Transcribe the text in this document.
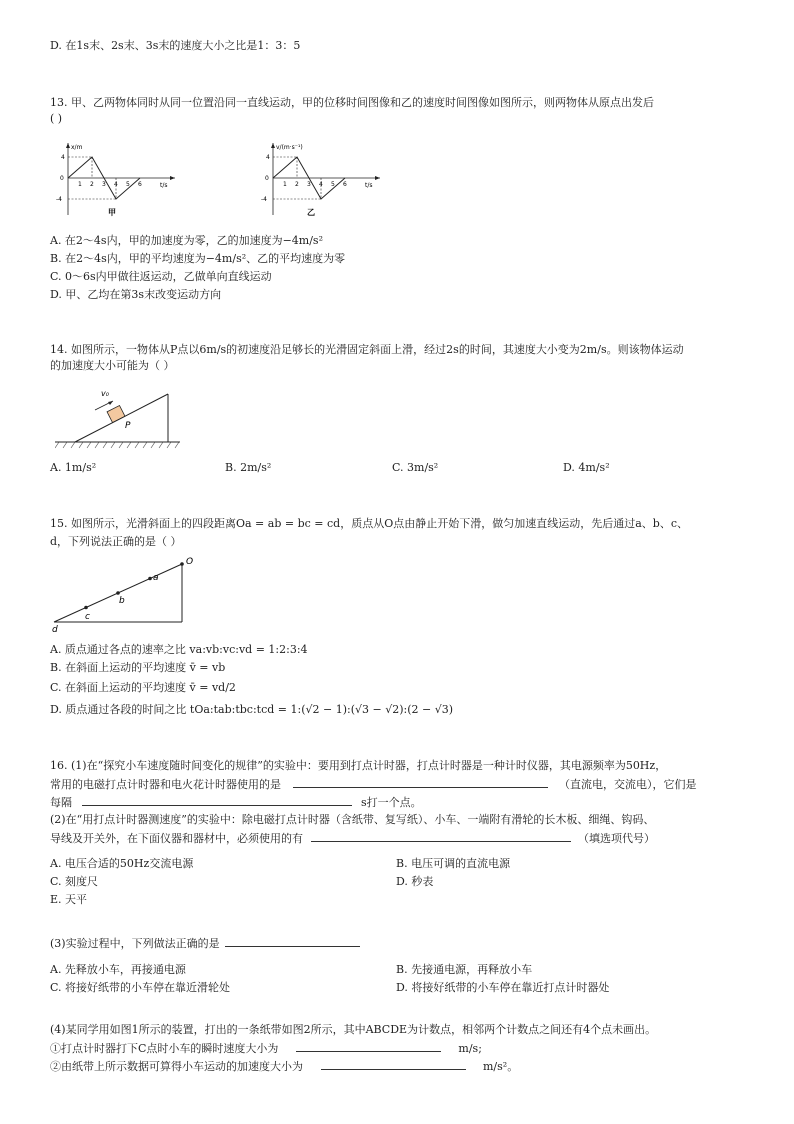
D. 在1s末、2s末、3s末的速度大小之比是1：3：5
13. 甲、乙两物体同时从同一位置沿同一直线运动，甲的位移时间图像和乙的速度时间图像如图所示，则两物体从原点出发后
( )
x/m
t/s
0
4
-4
1 2 3 4 5 6
甲
v/(m·s⁻¹)
t/s
0
4
-4
1 2 3 4 5 6
乙
A. 在2～4s内，甲的加速度为零，乙的加速度为−4m/s²
B. 在2～4s内，甲的平均速度为−4m/s²、乙的平均速度为零
C. 0～6s内甲做往返运动，乙做单向直线运动
D. 甲、乙均在第3s末改变运动方向
14. 如图所示，一物体从P点以6m/s的初速度沿足够长的光滑固定斜面上滑，经过2s的时间，其速度大小变为2m/s。则该物体运动
的加速度大小可能为（ ）
v₀
P
A. 1m/s²	B. 2m/s²	C. 3m/s²	D. 4m/s²
15. 如图所示，光滑斜面上的四段距离Oa = ab = bc = cd，质点从O点由静止开始下滑，做匀加速直线运动，先后通过a、b、c、
d，下列说法正确的是（ ）
O
a
b
c
d
A. 质点通过各点的速率之比 va:vb:vc:vd = 1:2:3:4
B. 在斜面上运动的平均速度 v̄ = vb
C. 在斜面上运动的平均速度 v̄ = vd/2
D. 质点通过各段的时间之比 tOa:tab:tbc:tcd = 1:(√2 − 1):(√3 − √2):(2 − √3)
16. (1)在“探究小车速度随时间变化的规律”的实验中：要用到打点计时器，打点计时器是一种计时仪器，其电源频率为50Hz，
常用的电磁打点计时器和电火花计时器使用的是	（直流电，交流电），它们是
每隔	s打一个点。
(2)在“用打点计时器测速度”的实验中：除电磁打点计时器（含纸带、复写纸）、小车、一端附有滑轮的长木板、细绳、钩码、
导线及开关外，在下面仪器和器材中，必须使用的有	（填选项代号）
A. 电压合适的50Hz交流电源	B. 电压可调的直流电源
C. 刻度尺	D. 秒表
E. 天平
(3)实验过程中，下列做法正确的是
A. 先释放小车，再接通电源	B. 先接通电源，再释放小车
C. 将接好纸带的小车停在靠近滑轮处	D. 将接好纸带的小车停在靠近打点计时器处
(4)某同学用如图1所示的装置，打出的一条纸带如图2所示，其中ABCDE为计数点，相邻两个计数点之间还有4个点未画出。
①打点计时器打下C点时小车的瞬时速度大小为	m/s;
②由纸带上所示数据可算得小车运动的加速度大小为	m/s²。
